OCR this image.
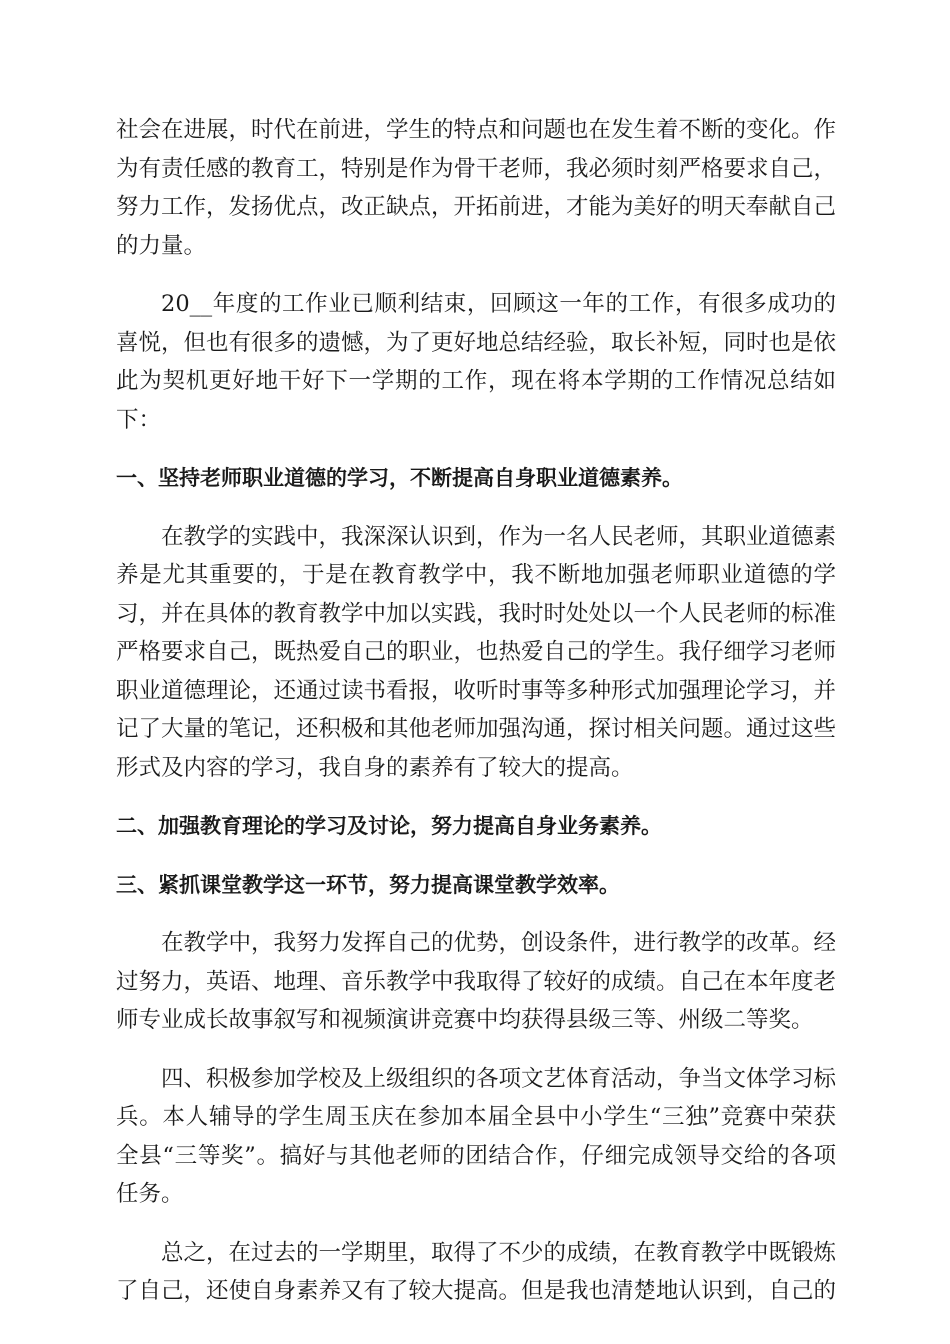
社会在进展，时代在前进，学生的特点和问题也在发生着不断的变化。作为有责任感的教育工，特别是作为骨干老师，我必须时刻严格要求自己，努力工作，发扬优点，改正缺点，开拓前进，才能为美好的明天奉献自己的力量。

20__年度的工作业已顺利结束，回顾这一年的工作，有很多成功的喜悦，但也有很多的遗憾，为了更好地总结经验，取长补短，同时也是依此为契机更好地干好下一学期的工作，现在将本学期的工作情况总结如下：

一、坚持老师职业道德的学习，不断提高自身职业道德素养。

在教学的实践中，我深深认识到，作为一名人民老师，其职业道德素养是尤其重要的，于是在教育教学中，我不断地加强老师职业道德的学习，并在具体的教育教学中加以实践，我时时处处以一个人民老师的标准严格要求自己，既热爱自己的职业，也热爱自己的学生。我仔细学习老师职业道德理论，还通过读书看报，收听时事等多种形式加强理论学习，并记了大量的笔记，还积极和其他老师加强沟通，探讨相关问题。通过这些形式及内容的学习，我自身的素养有了较大的提高。

二、加强教育理论的学习及讨论，努力提高自身业务素养。

三、紧抓课堂教学这一环节，努力提高课堂教学效率。

在教学中，我努力发挥自己的优势，创设条件，进行教学的改革。经过努力，英语、地理、音乐教学中我取得了较好的成绩。自己在本年度老师专业成长故事叙写和视频演讲竞赛中均获得县级三等、州级二等奖。

四、积极参加学校及上级组织的各项文艺体育活动，争当文体学习标兵。本人辅导的学生周玉庆在参加本届全县中小学生“三独”竞赛中荣获全县“三等奖”。搞好与其他老师的团结合作，仔细完成领导交给的各项任务。

总之，在过去的一学期里，取得了不少的成绩，在教育教学中既锻炼了自己，还使自身素养又有了较大提高。但是我也清楚地认识到，自己的
